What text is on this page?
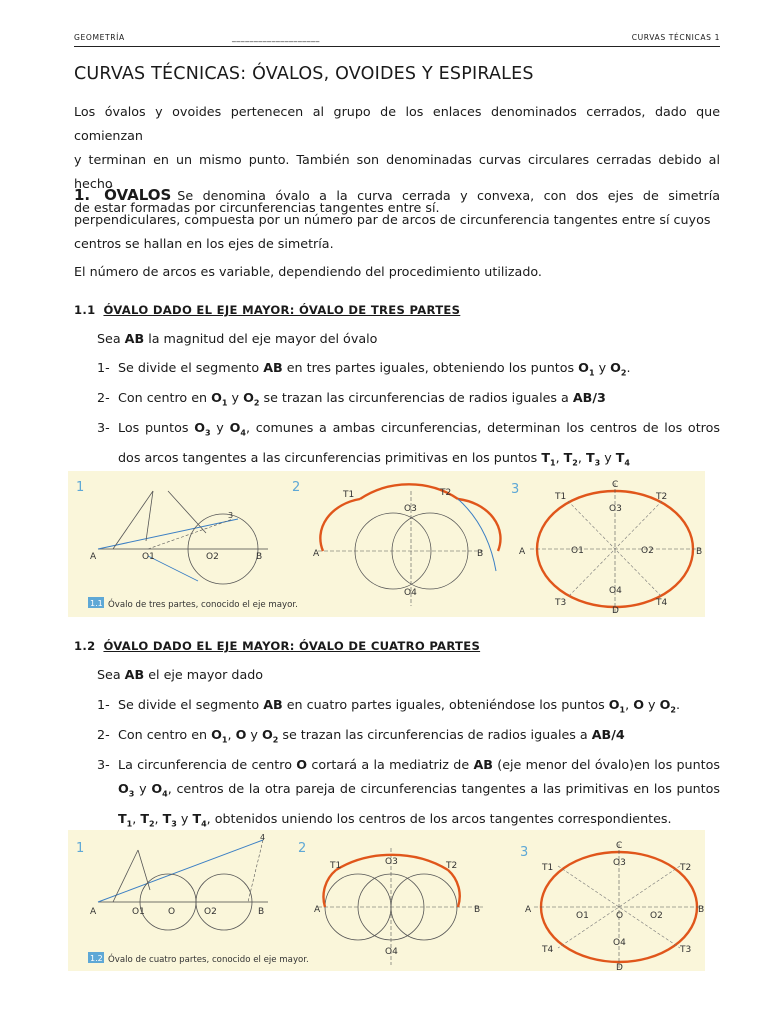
GEOMETRÍA	____________________	CURVAS TÉCNICAS 1
CURVAS TÉCNICAS: ÓVALOS, OVOIDES Y ESPIRALES
Los óvalos y ovoides pertenecen al grupo de los enlaces denominados cerrados, dado que comienzan
y terminan en un mismo punto. También son denominadas curvas circulares cerradas debido al hecho
de estar formadas por circunferencias tangentes entre sí.
1. ÓVALOS Se denomina óvalo a la curva cerrada y convexa, con dos ejes de simetría
perpendiculares, compuesta por un número par de arcos de circunferencia tangentes entre sí cuyos
centros se hallan en los ejes de simetría.
El número de arcos es variable, dependiendo del procedimiento utilizado.
1.1 ÓVALO DADO EL EJE MAYOR: ÓVALO DE TRES PARTES
Sea AB la magnitud del eje mayor del óvalo
1- Se divide el segmento AB en tres partes iguales, obteniendo los puntos $O_1$ y $O_2$.
2- Con centro en $O_1$ y $O_2$ se trazan las circunferencias de radios iguales a AB/3
3- Los puntos $O_3$ y $O_4$, comunes a ambas circunferencias, determinan los centros de los otros dos arcos tangentes a las circunferencias primitivas en los puntos $T_1$, $T_2$, $T_3$ y $T_4$
1
A	O1	O2	B
3
2
A	B
T1	T2
O3
O4
3
A	B
C
D
T1	T2
T3	T4
O1	O2
O3
O4
1.1 Óvalo de tres partes, conocido el eje mayor.
1.2 ÓVALO DADO EL EJE MAYOR: ÓVALO DE CUATRO PARTES
Sea AB el eje mayor dado
1- Se divide el segmento AB en cuatro partes iguales, obteniéndose los puntos $O_1$, O y $O_2$.
2- Con centro en $O_1$, O y $O_2$ se trazan las circunferencias de radios iguales a AB/4
3- La circunferencia de centro O cortará a la mediatriz de AB (eje menor del óvalo)en los puntos $O_3$ y $O_4$, centros de la otra pareja de circunferencias tangentes a las primitivas en los puntos $T_1$, $T_2$, $T_3$ y $T_4$, obtenidos uniendo los centros de los arcos tangentes correspondientes.
1
A	O1	O	O2	B
4
2
A	B
T1	T2
O3
O4
3
A	B
C
D
T1	T2
T3
T4
O1	O	O2
O3
O4
1.2 Óvalo de cuatro partes, conocido el eje mayor.
